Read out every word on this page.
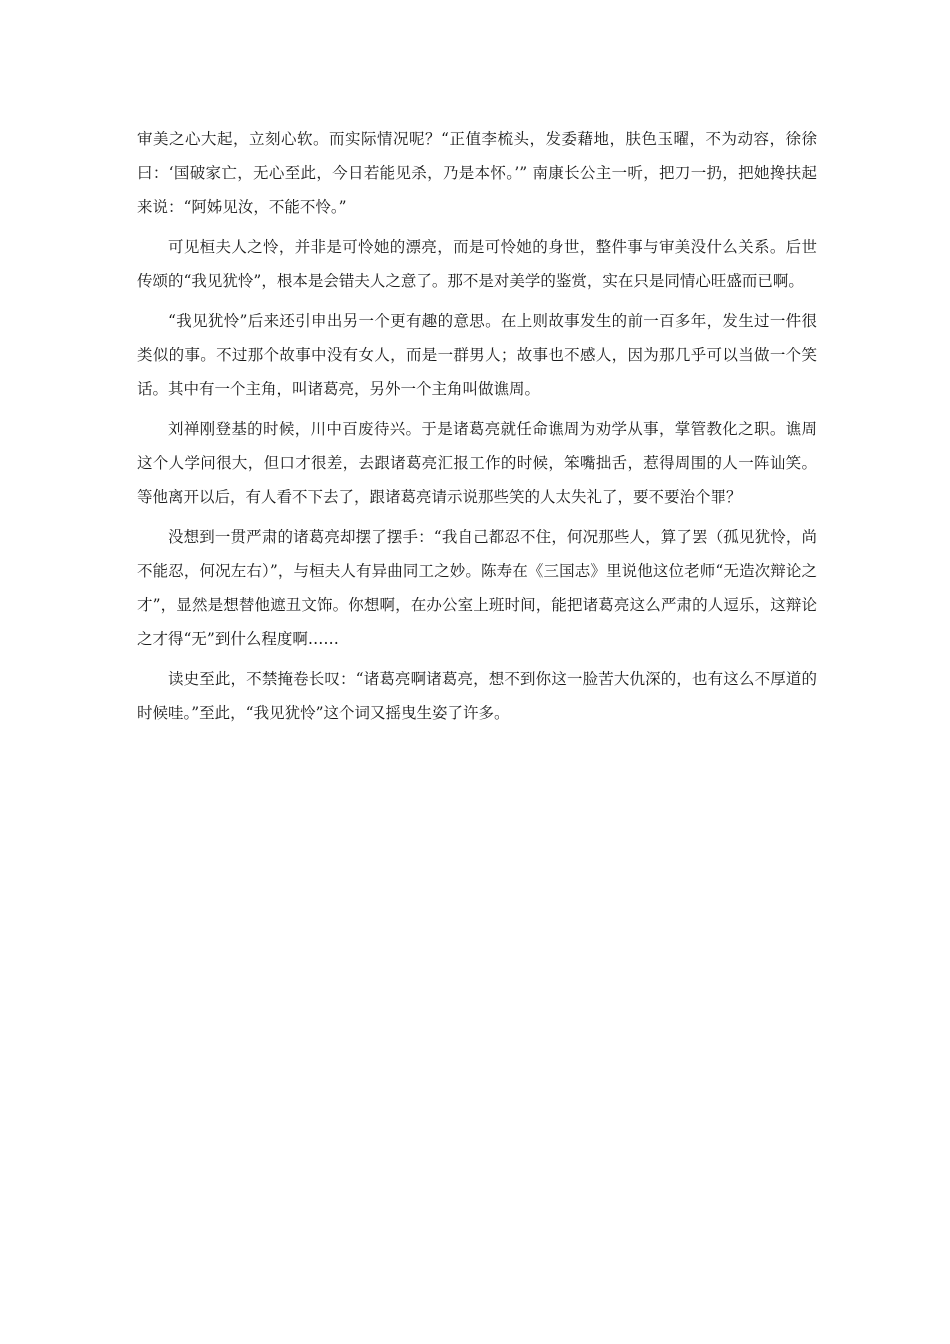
审美之心大起，立刻心软。而实际情况呢？“正值李梳头，发委藉地，肤色玉曜，不为动容，徐徐曰：‘国破家亡，无心至此，今日若能见杀，乃是本怀。’” 南康长公主一听，把刀一扔，把她搀扶起来说：“阿姊见汝，不能不怜。”

可见桓夫人之怜，并非是可怜她的漂亮，而是可怜她的身世，整件事与审美没什么关系。后世传颂的“我见犹怜”，根本是会错夫人之意了。那不是对美学的鉴赏，实在只是同情心旺盛而已啊。

“我见犹怜”后来还引申出另一个更有趣的意思。在上则故事发生的前一百多年，发生过一件很类似的事。不过那个故事中没有女人，而是一群男人；故事也不感人，因为那几乎可以当做一个笑话。其中有一个主角，叫诸葛亮，另外一个主角叫做谯周。

刘禅刚登基的时候，川中百废待兴。于是诸葛亮就任命谯周为劝学从事，掌管教化之职。谯周这个人学问很大，但口才很差，去跟诸葛亮汇报工作的时候，笨嘴拙舌，惹得周围的人一阵讪笑。等他离开以后，有人看不下去了，跟诸葛亮请示说那些笑的人太失礼了，要不要治个罪？

没想到一贯严肃的诸葛亮却摆了摆手：“我自己都忍不住，何况那些人，算了罢（孤见犹怜，尚不能忍，何况左右）”，与桓夫人有异曲同工之妙。陈寿在《三国志》里说他这位老师“无造次辩论之才”，显然是想替他遮丑文饰。你想啊，在办公室上班时间，能把诸葛亮这么严肃的人逗乐，这辩论之才得“无”到什么程度啊……

读史至此，不禁掩卷长叹：“诸葛亮啊诸葛亮，想不到你这一脸苦大仇深的，也有这么不厚道的时候哇。”至此，“我见犹怜”这个词又摇曳生姿了许多。
